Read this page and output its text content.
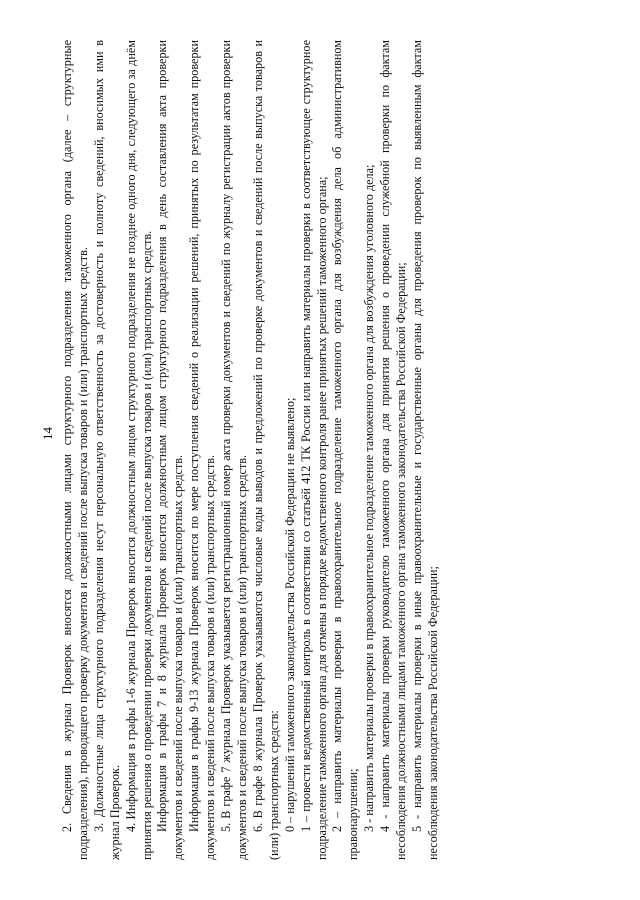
14 2. Сведения в журнал Проверок вносятся должностными лицами структурного подразделения таможенного органа (далее – структурные подразделения), проводящего проверку документов и сведений после выпуска товаров и (или) транспортных средств. 3. Должностные лица структурного подразделения несут персональную ответственность за достоверность и полноту сведений, вносимых ими в журнал Проверок. 4. Информация в графы 1-6 журнала Проверок вносится должностным лицом структурного подразделения не позднее одного дня, следующего за днём принятия решения о проведении проверки документов и сведений после выпуска товаров и (или) транспортных средств. Информация в графы 7 и 8 журнала Проверок вносится должностным лицом структурного подразделения в день составления акта проверки документов и сведений после выпуска товаров и (или) транспортных средств. Информация в графы 9-13 журнала Проверок вносится по мере поступления сведений о реализации решений, принятых по результатам проверки документов и сведений после выпуска товаров и (или) транспортных средств. 5. В графе 7 журнала Проверок указывается регистрационный номер акта проверки документов и сведений по журналу регистрации актов проверки документов и сведений после выпуска товаров и (или) транспортных средств. 6. В графе 8 журнала Проверок указываются числовые коды выводов и предложений по проверке документов и сведений после выпуска товаров и (или) транспортных средств: 0 – нарушений таможенного законодательства Российской Федерации не выявлено; 1 – провести ведомственный контроль в соответствии со статьёй 412 ТК России или направить материалы проверки в соответствующее структурное подразделение таможенного органа для отмены в порядке ведомственного контроля ранее принятых решений таможенного органа; 2 – направить материалы проверки в правоохранительное подразделение таможенного органа для возбуждения дела об административном правонарушении; 3 - направить материалы проверки в правоохранительное подразделение таможенного органа для возбуждения уголовного дела; 4 - направить материалы проверки руководителю таможенного органа для принятия решения о проведении служебной проверки по фактам несоблюдения должностными лицами таможенного органа таможенного законодательства Российской Федерации; 5 - направить материалы проверки в иные правоохранительные и государственные органы для проведения проверок по выявленным фактам несоблюдения законодательства Российской Федерации;
